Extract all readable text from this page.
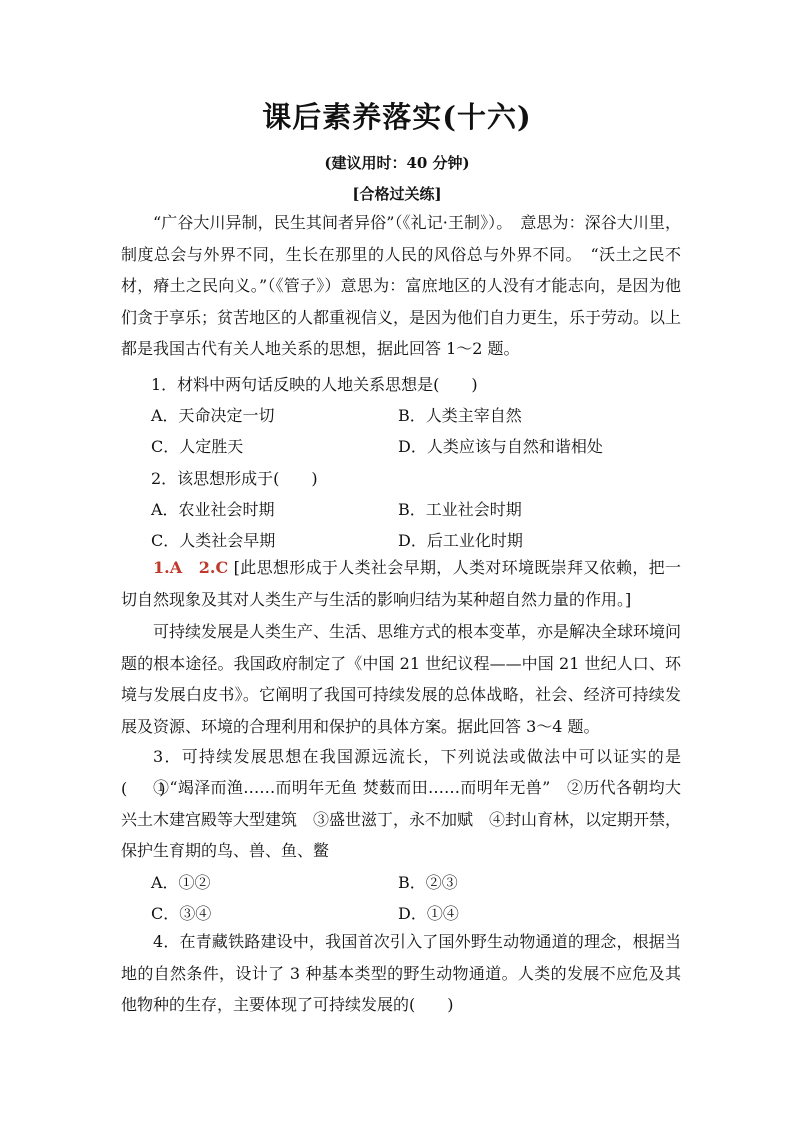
课后素养落实(十六)
(建议用时：40 分钟)
[合格过关练]
“广谷大川异制，民生其间者异俗”（《礼记·王制》）。　意思为：深谷大川里，制度总会与外界不同，生长在那里的人民的风俗总与外界不同。　“沃土之民不材，瘠土之民向义。”（《管子》）意思为：富庶地区的人没有才能志向，是因为他们贪于享乐；贫苦地区的人都重视信义，是因为他们自力更生，乐于劳动。以上都是我国古代有关人地关系的思想，据此回答 1～2 题。
1．材料中两句话反映的人地关系思想是(　　)
A．天命决定一切	B．人类主宰自然
C．人定胜天	D．人类应该与自然和谐相处
2．该思想形成于(　　)
A．农业社会时期	B．工业社会时期
C．人类社会早期	D．后工业化时期
1.A　2.C [此思想形成于人类社会早期，人类对环境既崇拜又依赖，把一切自然现象及其对人类生产与生活的影响归结为某种超自然力量的作用。]
可持续发展是人类生产、生活、思维方式的根本变革，亦是解决全球环境问题的根本途径。我国政府制定了《中国 21 世纪议程——中国 21 世纪人口、环境与发展白皮书》。它阐明了我国可持续发展的总体战略，社会、经济可持续发展及资源、环境的合理利用和保护的具体方案。据此回答 3～4 题。
3．可持续发展思想在我国源远流长，下列说法或做法中可以证实的是(　　)
①“竭泽而渔……而明年无鱼 焚薮而田……而明年无兽”　②历代各朝均大兴土木建宫殿等大型建筑　③盛世滋丁，永不加赋　④封山育林，以定期开禁，保护生育期的鸟、兽、鱼、鳖
A．①②	B．②③
C．③④	D．①④
4．在青藏铁路建设中，我国首次引入了国外野生动物通道的理念，根据当地的自然条件，设计了 3 种基本类型的野生动物通道。人类的发展不应危及其他物种的生存，主要体现了可持续发展的(　　)
